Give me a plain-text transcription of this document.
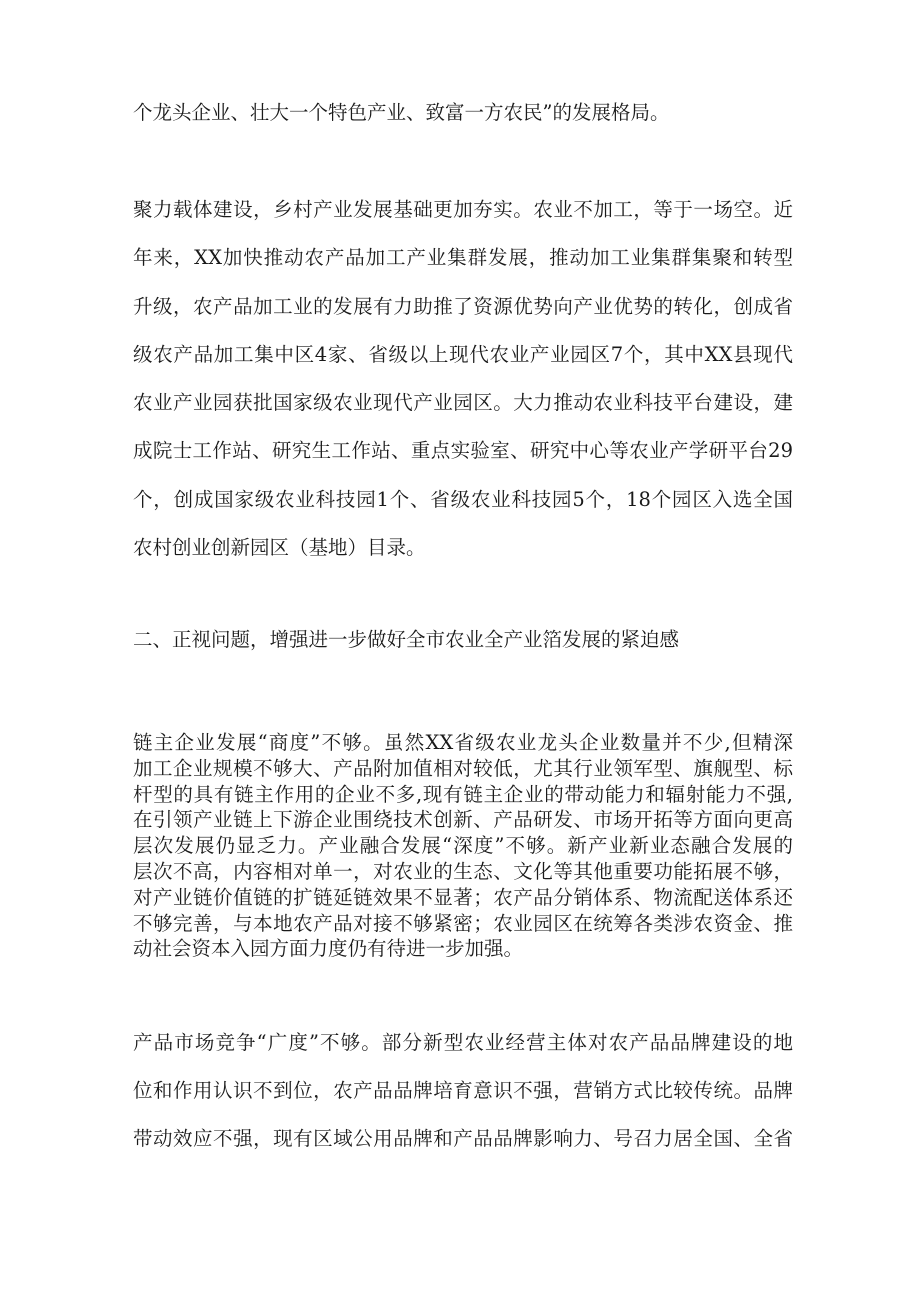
个龙头企业、壮大一个特色产业、致富一方农民”的发展格局。
聚力载体建设，乡村产业发展基础更加夯实。农业不加工，等于一场空。近
年来，XX加快推动农产品加工产业集群发展，推动加工业集群集聚和转型
升级，农产品加工业的发展有力助推了资源优势向产业优势的转化，创成省
级农产品加工集中区4家、省级以上现代农业产业园区7个，其中XX县现代
农业产业园获批国家级农业现代产业园区。大力推动农业科技平台建设，建
成院士工作站、研究生工作站、重点实验室、研究中心等农业产学研平台29
个，创成国家级农业科技园1个、省级农业科技园5个，18个园区入选全国
农村创业创新园区（基地）目录。
二、正视问题，增强进一步做好全市农业全产业箔发展的紧迫感
链主企业发展“商度”不够。虽然XX省级农业龙头企业数量并不少,但精深
加工企业规模不够大、产品附加值相对较低，尤其行业领军型、旗舰型、标
杆型的具有链主作用的企业不多,现有链主企业的带动能力和辐射能力不强,
在引领产业链上下游企业围绕技术创新、产品研发、市场开拓等方面向更高
层次发展仍显乏力。产业融合发展“深度”不够。新产业新业态融合发展的
层次不高，内容相对单一，对农业的生态、文化等其他重要功能拓展不够，
对产业链价值链的扩链延链效果不显著；农产品分销体系、物流配送体系还
不够完善，与本地农产品对接不够紧密；农业园区在统筹各类涉农资金、推
动社会资本入园方面力度仍有待进一步加强。
产品市场竞争“广度”不够。部分新型农业经营主体对农产品品牌建设的地
位和作用认识不到位，农产品品牌培育意识不强，营销方式比较传统。品牌
带动效应不强，现有区域公用品牌和产品品牌影响力、号召力居全国、全省
